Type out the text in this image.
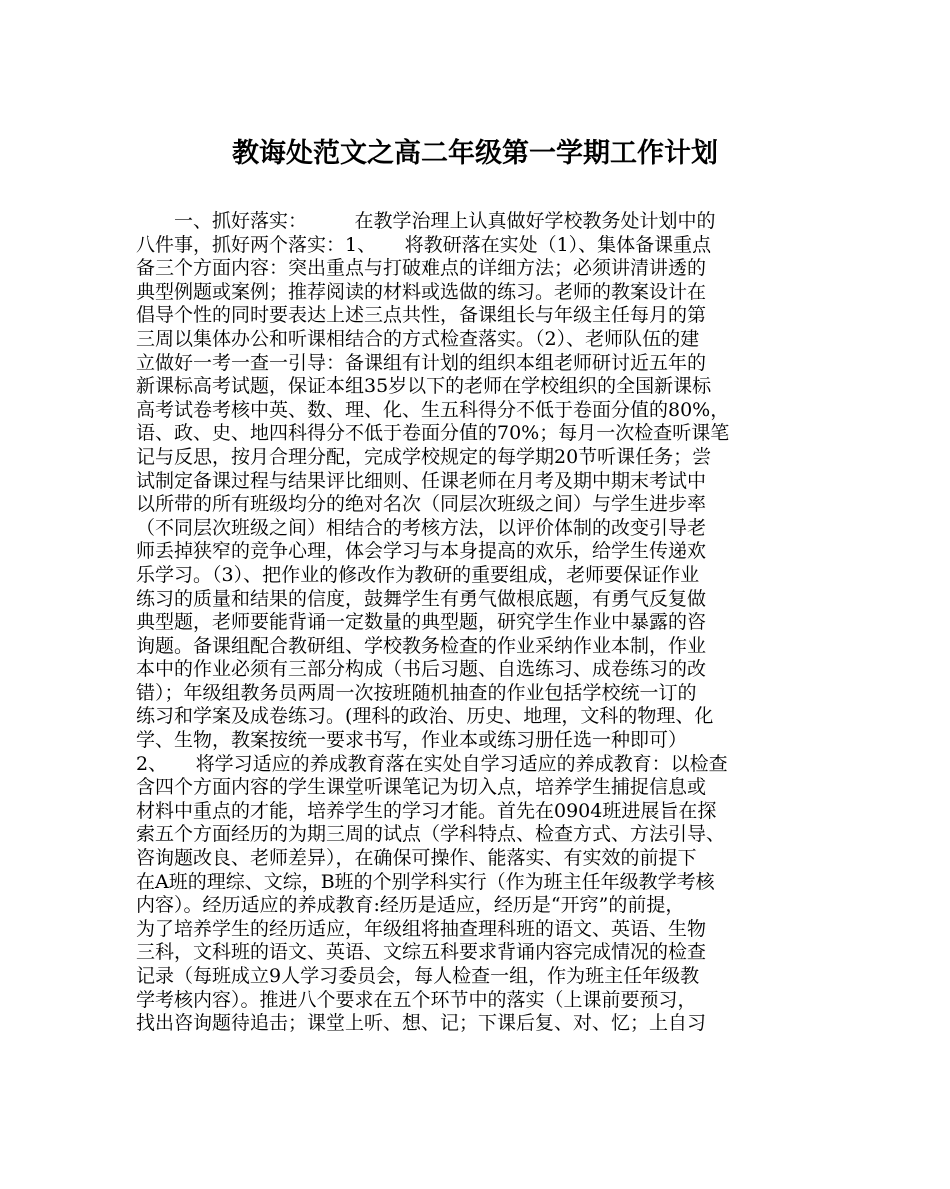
教诲处范文之高二年级第一学期工作计划
　　一、抓好落实：　　　在教学治理上认真做好学校教务处计划中的
八件事，抓好两个落实：1、　　将教研落在实处（1）、集体备课重点
备三个方面内容：突出重点与打破难点的详细方法；必须讲清讲透的
典型例题或案例；推荐阅读的材料或选做的练习。老师的教案设计在
倡导个性的同时要表达上述三点共性，备课组长与年级主任每月的第
三周以集体办公和听课相结合的方式检查落实。（2）、老师队伍的建
立做好一考一查一引导：备课组有计划的组织本组老师研讨近五年的
新课标高考试题，保证本组35岁以下的老师在学校组织的全国新课标
高考试卷考核中英、数、理、化、生五科得分不低于卷面分值的80%，
语、政、史、地四科得分不低于卷面分值的70%；每月一次检查听课笔
记与反思，按月合理分配，完成学校规定的每学期20节听课任务；尝
试制定备课过程与结果评比细则、任课老师在月考及期中期末考试中
以所带的所有班级均分的绝对名次（同层次班级之间）与学生进步率
（不同层次班级之间）相结合的考核方法，以评价体制的改变引导老
师丢掉狭窄的竞争心理，体会学习与本身提高的欢乐，给学生传递欢
乐学习。（3）、把作业的修改作为教研的重要组成，老师要保证作业
练习的质量和结果的信度，鼓舞学生有勇气做根底题，有勇气反复做
典型题，老师要能背诵一定数量的典型题，研究学生作业中暴露的咨
询题。备课组配合教研组、学校教务检查的作业采纳作业本制，作业
本中的作业必须有三部分构成（书后习题、自选练习、成卷练习的改
错）；年级组教务员两周一次按班随机抽查的作业包括学校统一订的
练习和学案及成卷练习。(理科的政治、历史、地理，文科的物理、化
学、生物，教案按统一要求书写，作业本或练习册任选一种即可）
2、　　将学习适应的养成教育落在实处自学习适应的养成教育：以检查
含四个方面内容的学生课堂听课笔记为切入点，培养学生捕捉信息或
材料中重点的才能，培养学生的学习才能。首先在0904班进展旨在探
索五个方面经历的为期三周的试点（学科特点、检查方式、方法引导、
咨询题改良、老师差异），在确保可操作、能落实、有实效的前提下
在A班的理综、文综，B班的个别学科实行（作为班主任年级教学考核
内容）。经历适应的养成教育:经历是适应，经历是“开窍”的前提，
为了培养学生的经历适应，年级组将抽查理科班的语文、英语、生物
三科，文科班的语文、英语、文综五科要求背诵内容完成情况的检查
记录（每班成立9人学习委员会，每人检查一组，作为班主任年级教
学考核内容）。推进八个要求在五个环节中的落实（上课前要预习，
找出咨询题待追击；课堂上听、想、记；下课后复、对、忆；上自习
